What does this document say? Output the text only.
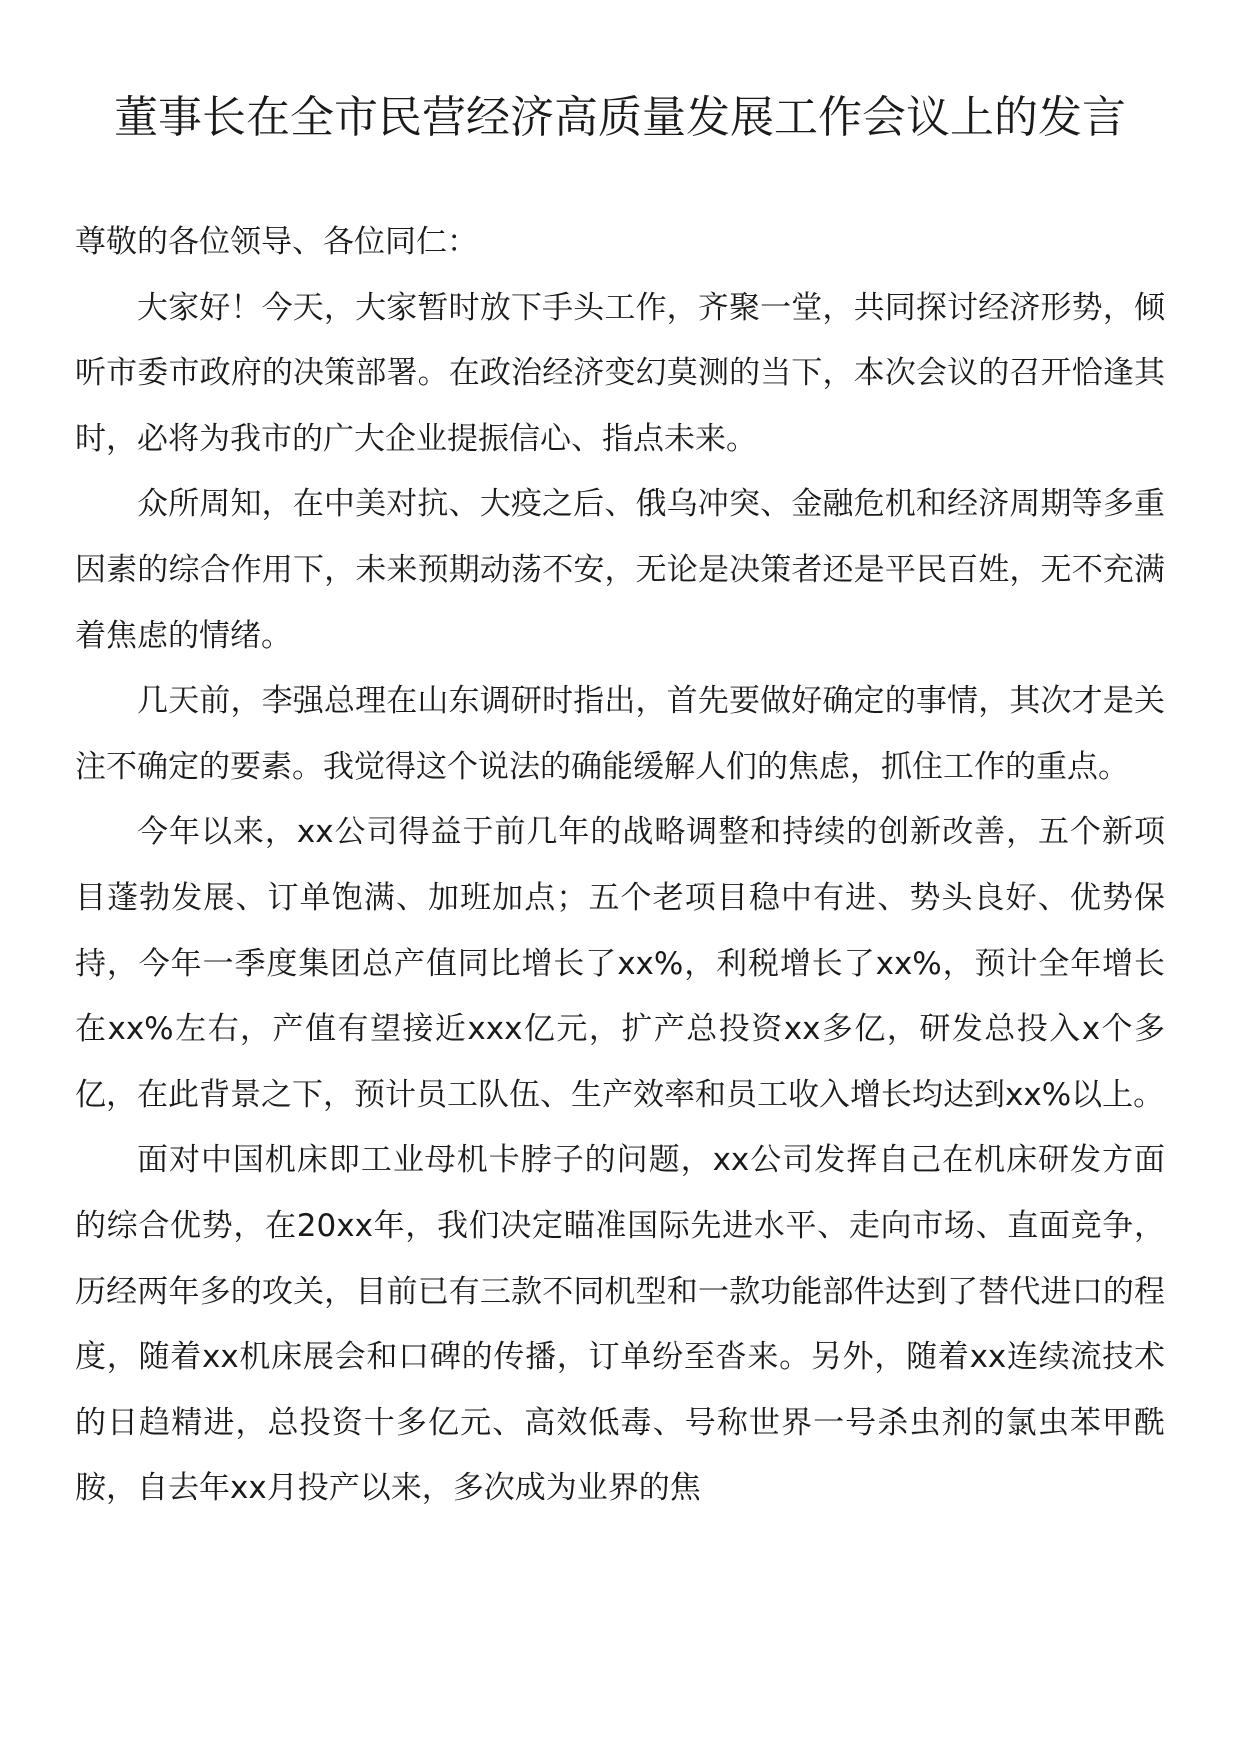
董事长在全市民营经济高质量发展工作会议上的发言

尊敬的各位领导、各位同仁：

大家好！今天，大家暂时放下手头工作，齐聚一堂，共同探讨经济形势，倾听市委市政府的决策部署。在政治经济变幻莫测的当下，本次会议的召开恰逢其时，必将为我市的广大企业提振信心、指点未来。

众所周知，在中美对抗、大疫之后、俄乌冲突、金融危机和经济周期等多重因素的综合作用下，未来预期动荡不安，无论是决策者还是平民百姓，无不充满着焦虑的情绪。

几天前，李强总理在山东调研时指出，首先要做好确定的事情，其次才是关注不确定的要素。我觉得这个说法的确能缓解人们的焦虑，抓住工作的重点。

今年以来，xx公司得益于前几年的战略调整和持续的创新改善，五个新项目蓬勃发展、订单饱满、加班加点；五个老项目稳中有进、势头良好、优势保持，今年一季度集团总产值同比增长了xx%，利税增长了xx%，预计全年增长在xx%左右，产值有望接近xxx亿元，扩产总投资xx多亿，研发总投入x个多亿，在此背景之下，预计员工队伍、生产效率和员工收入增长均达到xx%以上。

面对中国机床即工业母机卡脖子的问题，xx公司发挥自己在机床研发方面的综合优势，在20xx年，我们决定瞄准国际先进水平、走向市场、直面竞争，历经两年多的攻关，目前已有三款不同机型和一款功能部件达到了替代进口的程度，随着xx机床展会和口碑的传播，订单纷至沓来。另外，随着xx连续流技术的日趋精进，总投资十多亿元、高效低毒、号称世界一号杀虫剂的氯虫苯甲酰胺，自去年xx月投产以来，多次成为业界的焦
